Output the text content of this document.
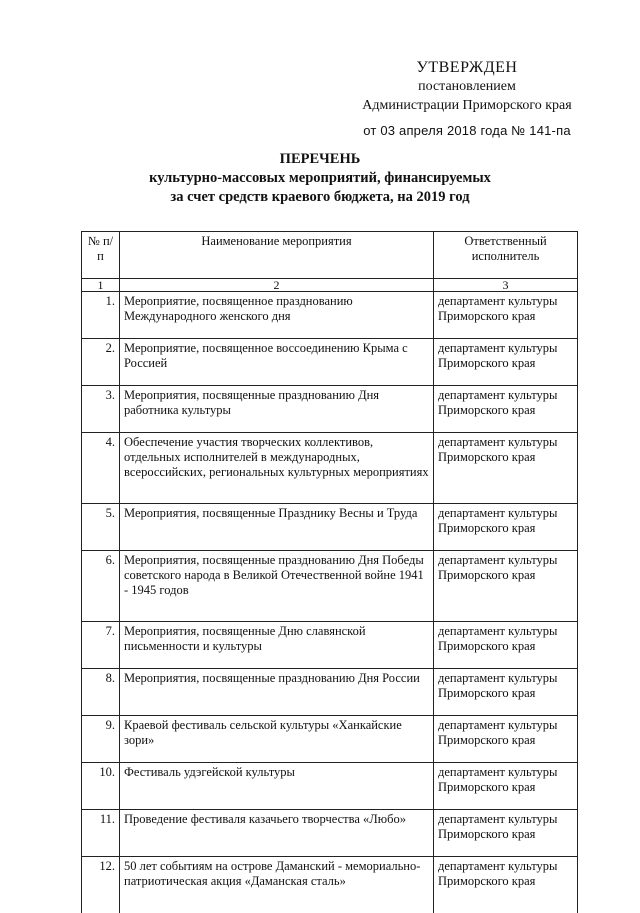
УТВЕРЖДЕН
постановлением
Администрации Приморского края
от 03 апреля 2018 года № 141-па
ПЕРЕЧЕНЬ
культурно-массовых мероприятий, финансируемых
за счет средств краевого бюджета, на 2019 год
№ п/п	Наименование мероприятия	Ответственный исполнитель
1	2	3
1.	Мероприятие, посвященное празднованию Международного женского дня	департамент культуры Приморского края
2.	Мероприятие, посвященное воссоединению Крыма с Россией	департамент культуры Приморского края
3.	Мероприятия, посвященные празднованию Дня работника культуры	департамент культуры Приморского края
4.	Обеспечение участия творческих коллективов, отдельных исполнителей в международных, всероссийских, региональных культурных мероприятиях	департамент культуры Приморского края
5.	Мероприятия, посвященные Празднику Весны и Труда	департамент культуры Приморского края
6.	Мероприятия, посвященные празднованию Дня Победы советского народа в Великой Отечественной войне 1941 - 1945 годов	департамент культуры Приморского края
7.	Мероприятия, посвященные Дню славянской письменности и культуры	департамент культуры Приморского края
8.	Мероприятия, посвященные празднованию Дня России	департамент культуры Приморского края
9.	Краевой фестиваль сельской культуры «Ханкайские зори»	департамент культуры Приморского края
10.	Фестиваль удэгейской культуры	департамент культуры Приморского края
11.	Проведение фестиваля казачьего творчества «Любо»	департамент культуры Приморского края
12.	50 лет событиям на острове Даманский - мемориально-патриотическая акция «Даманская сталь»	департамент культуры Приморского края
